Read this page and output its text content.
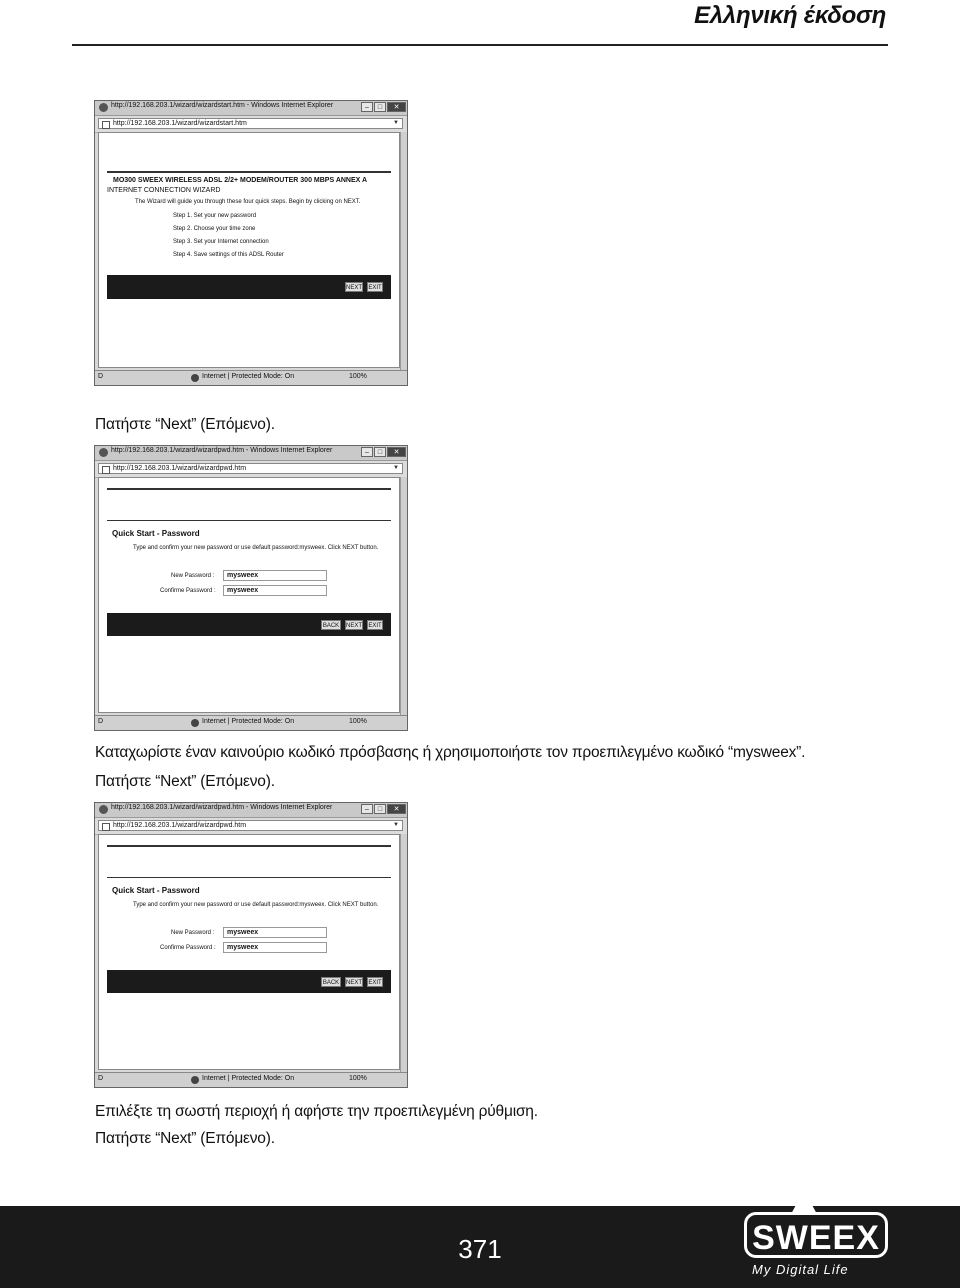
Ελληνική έκδοση
http://192.168.203.1/wizard/wizardstart.htm - Windows Internet Explorer	–	□	✕
http://192.168.203.1/wizard/wizardstart.htm	▼
MO300 SWEEX WIRELESS ADSL 2/2+ MODEM/ROUTER 300 MBPS ANNEX A
INTERNET CONNECTION WIZARD
The Wizard will guide you through these four quick steps. Begin by clicking on NEXT.
Step 1. Set your new password
Step 2. Choose your time zone
Step 3. Set your Internet connection
Step 4. Save settings of this ADSL Router
NEXT EXIT
D	Internet | Protected Mode: On	100%
Πατήστε “Next” (Επόμενο).
http://192.168.203.1/wizard/wizardpwd.htm - Windows Internet Explorer	–	□	✕
http://192.168.203.1/wizard/wizardpwd.htm	▼
Quick Start - Password
Type and confirm your new password or use default password:mysweex. Click NEXT button.
New Password :	mysweex
Confirme Password :	mysweex
BACK	NEXT EXIT
D	Internet | Protected Mode: On	100%
Καταχωρίστε έναν καινούριο κωδικό πρόσβασης ή χρησιμοποιήστε τον προεπιλεγμένο κωδικό “mysweex”.
Πατήστε “Next” (Επόμενο).
http://192.168.203.1/wizard/wizardpwd.htm - Windows Internet Explorer	–	□	✕
http://192.168.203.1/wizard/wizardpwd.htm	▼
Quick Start - Password
Type and confirm your new password or use default password:mysweex. Click NEXT button.
New Password :	mysweex
Confirme Password :	mysweex
BACK	NEXT EXIT
D	Internet | Protected Mode: On	100%
Επιλέξτε τη σωστή περιοχή ή αφήστε την προεπιλεγμένη ρύθμιση.
Πατήστε “Next” (Επόμενο).
371	SWEEX
My Digital Life
